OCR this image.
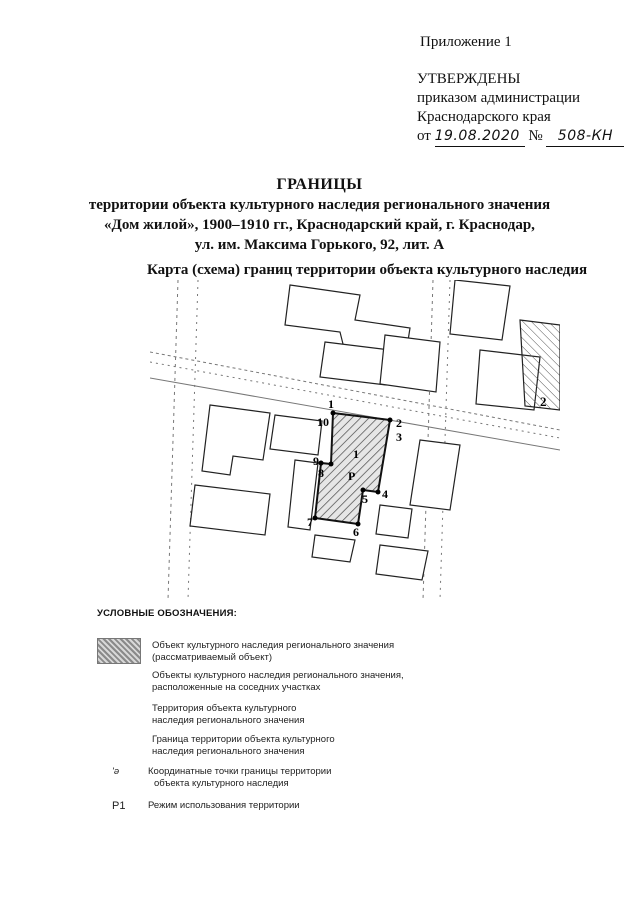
Приложение 1
УТВЕРЖДЕНЫ
приказом администрации
Краснодарского края
от 19.08.2020 № 508-КН
ГРАНИЦЫ
территории объекта культурного наследия регионального значения
«Дом жилой», 1900–1910 гг., Краснодарский край, г. Краснодар,
ул. им. Максима Горького, 92, лит. А
Карта (схема) границ территории объекта культурного наследия
2
1
Р
1
2
3
4
5
6
7
8
9
10
УСЛОВНЫЕ ОБОЗНАЧЕНИЯ:
Объект культурного наследия регионального значения
(рассматриваемый объект)
Объекты культурного наследия регионального значения,
расположенные на соседних участках
Территория объекта культурного
наследия регионального значения
Граница территории объекта культурного
наследия регионального значения
'ə	Координатные точки границы территории
объекта культурного наследия
Р1 Режим использования территории
